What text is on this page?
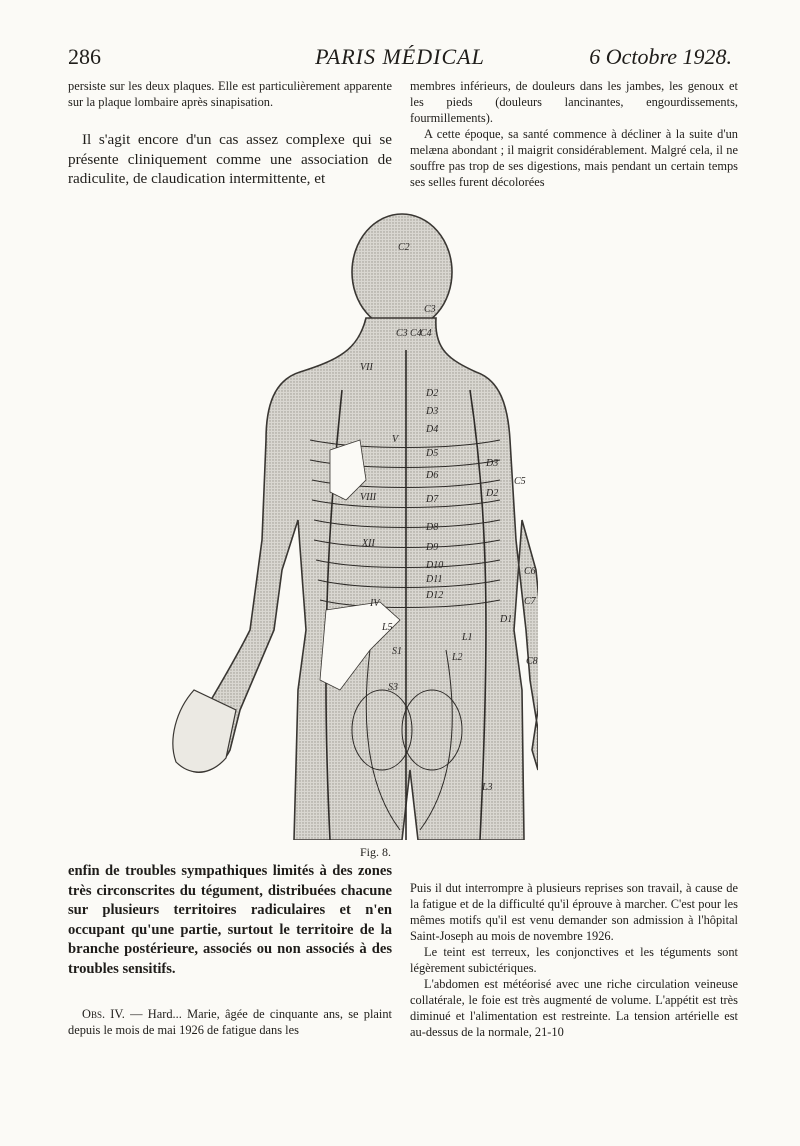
286	PARIS MÉDICAL	6 Octobre 1928.

persiste sur les deux plaques. Elle est particulièrement apparente sur la plaque lombaire après sinapisation.

Il s'agit encore d'un cas assez complexe qui se présente cliniquement comme une association de radiculite, de claudication intermittente, et

membres inférieurs, de douleurs dans les jambes, les genoux et les pieds (douleurs lancinantes, engourdissements, fourmillements).

A cette époque, sa santé commence à décliner à la suite d'un melæna abondant ; il maigrit considérablement. Malgré cela, il ne souffre pas trop de ses digestions, mais pendant un certain temps ses selles furent décolorées

C2
C3
C4
VII
C3 C4
D2
D3
D4
V
D5
D6
VIII	D7
D3
D2
C5
D8
XII	D9
D10
D11
D12
IV
C6
C7
D1
L1
L5
S1
L2
S3
C8
L3
Fig. 8.

enfin de troubles sympathiques limités à des zones très circonscrites du tégument, distribuées chacune sur plusieurs territoires radiculaires et n'en occupant qu'une partie, surtout le territoire de la branche postérieure, associés ou non associés à des troubles sensitifs.

Obs. IV. — Hard... Marie, âgée de cinquante ans, se plaint depuis le mois de mai 1926 de fatigue dans les

Puis il dut interrompre à plusieurs reprises son travail, à cause de la fatigue et de la difficulté qu'il éprouve à marcher. C'est pour les mêmes motifs qu'il est venu demander son admission à l'hôpital Saint-Joseph au mois de novembre 1926.

Le teint est terreux, les conjonctives et les téguments sont légèrement subictériques.

L'abdomen est météorisé avec une riche circulation veineuse collatérale, le foie est très augmenté de volume. L'appétit est très diminué et l'alimentation est restreinte. La tension artérielle est au-dessus de la normale, 21-10
